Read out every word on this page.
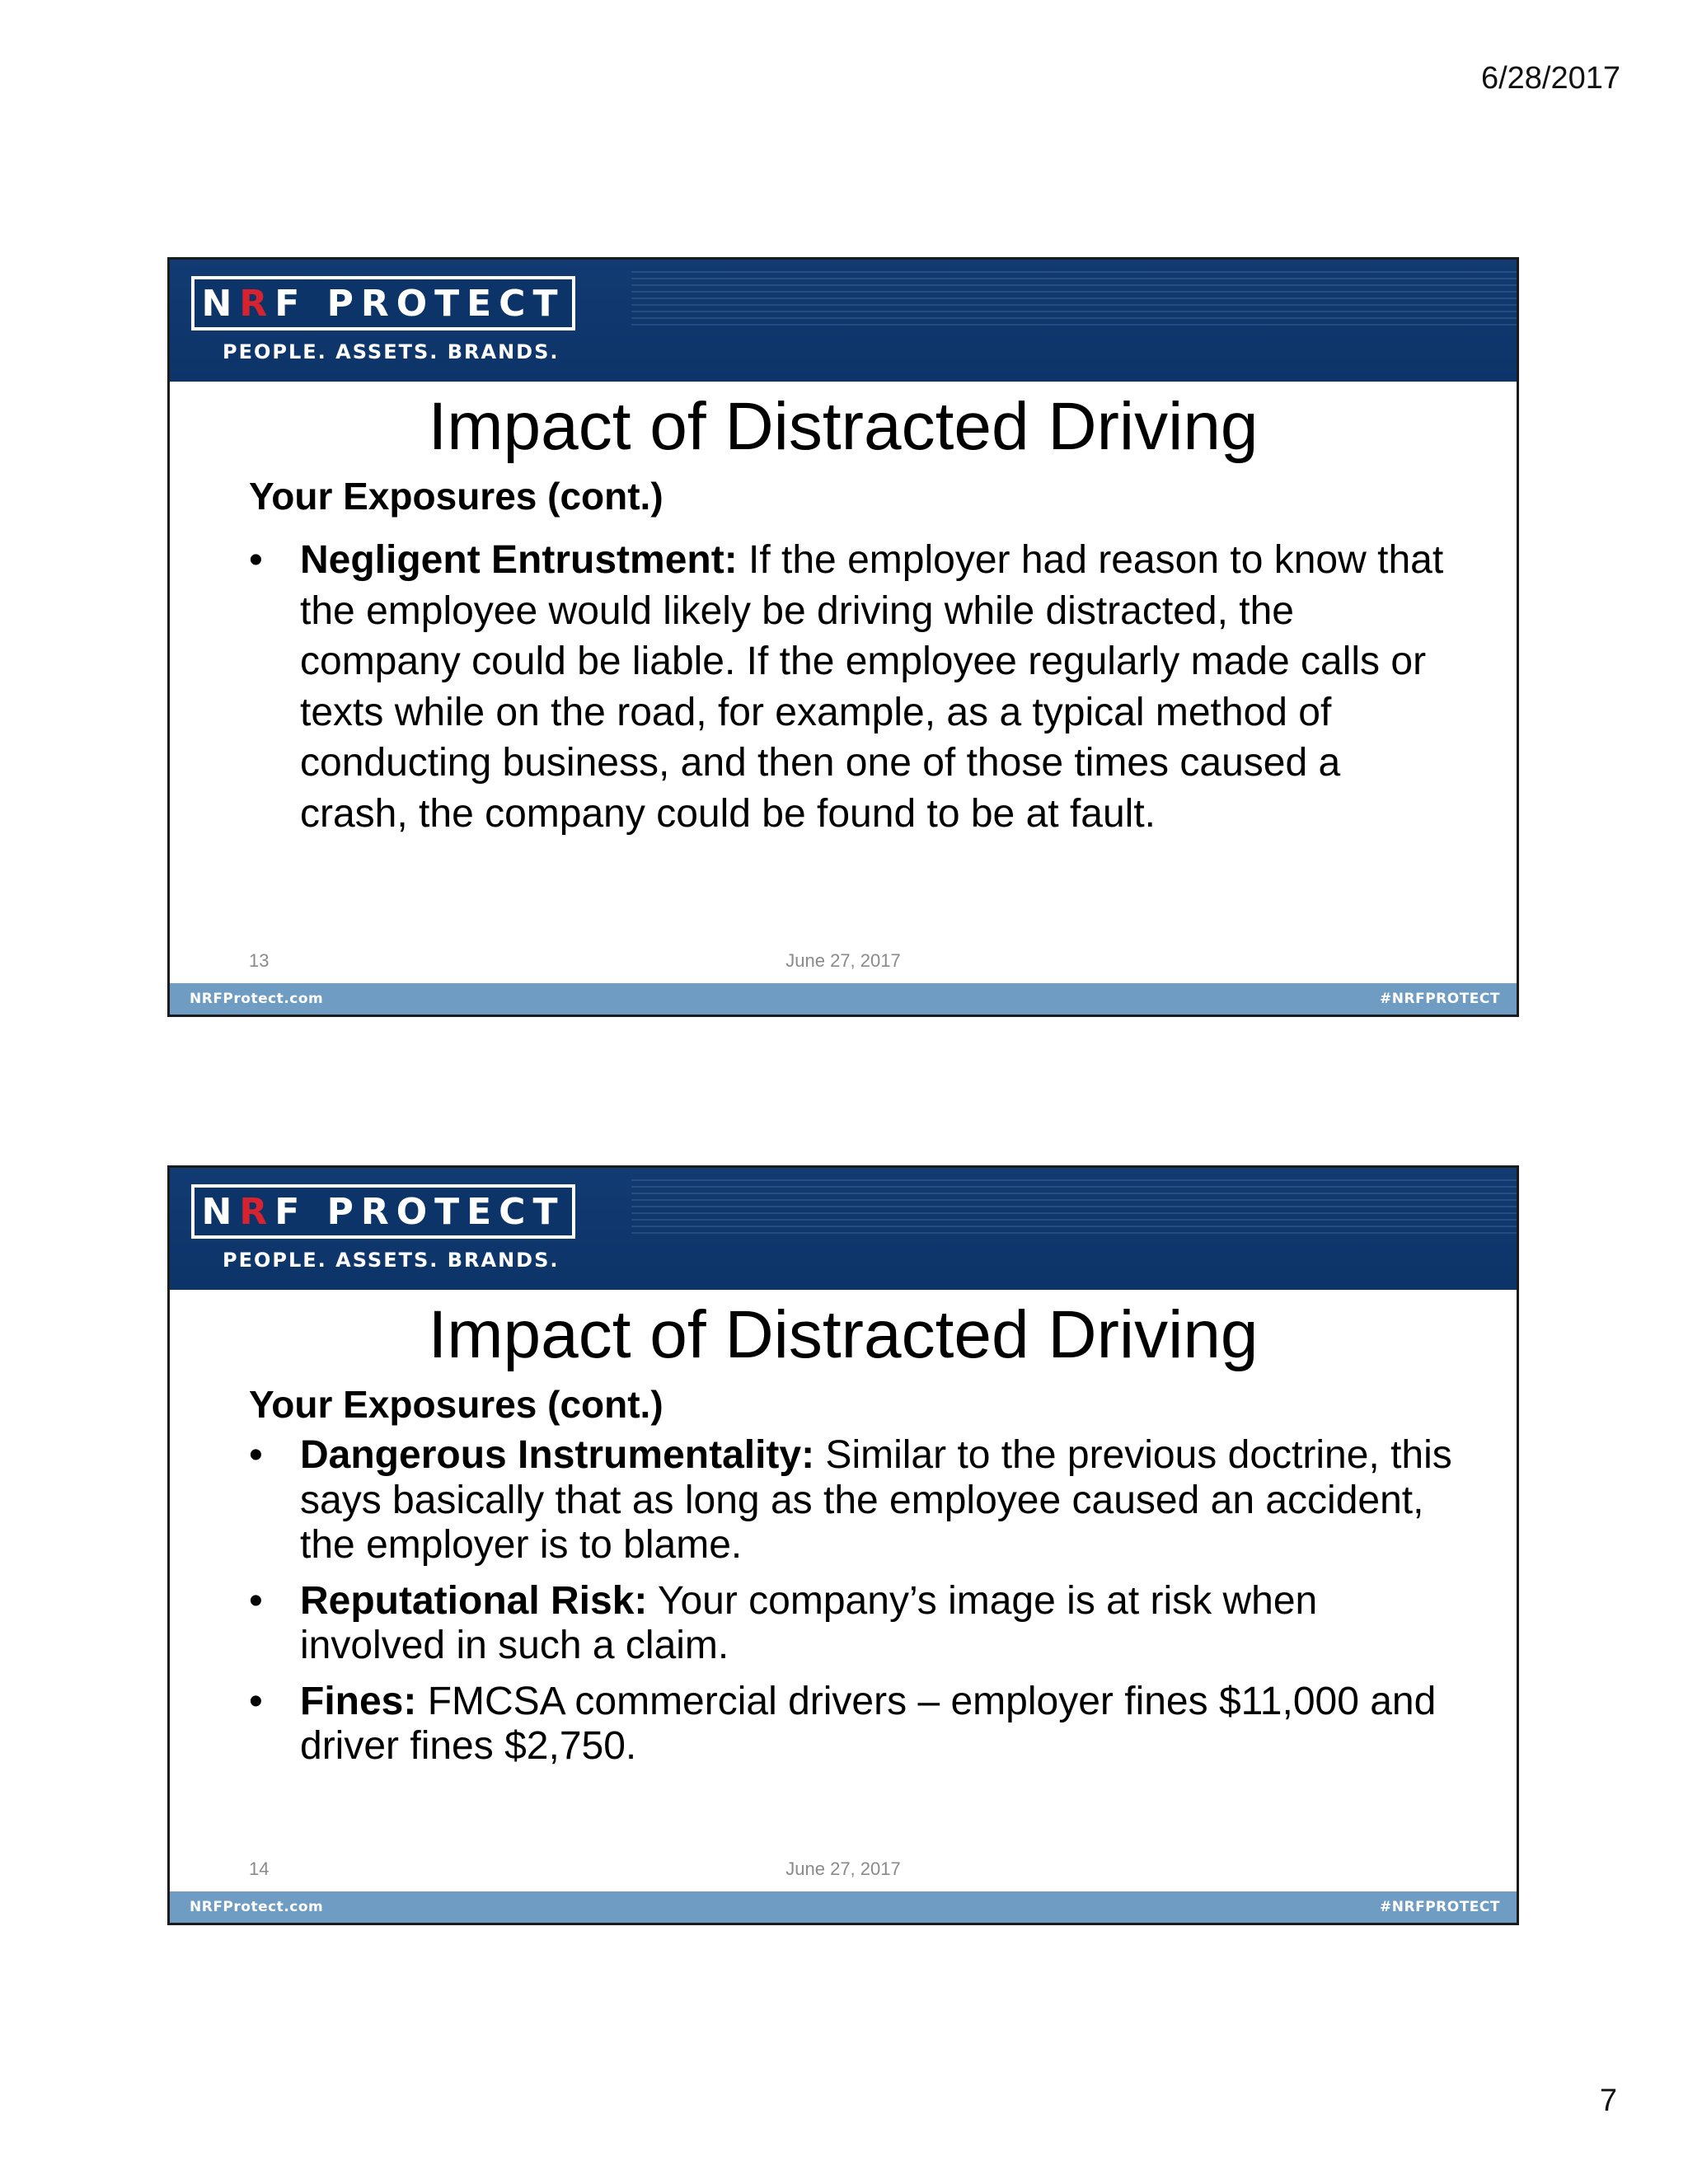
6/28/2017
NRF PROTECT
PEOPLE. ASSETS. BRANDS.
Impact of Distracted Driving
Your Exposures (cont.)
• Negligent Entrustment: If the employer had reason to know that the employee would likely be driving while distracted, the company could be liable. If the employee regularly made calls or texts while on the road, for example, as a typical method of conducting business, and then one of those times caused a crash, the company could be found to be at fault.
13	June 27, 2017
NRFProtect.com	#NRFPROTECT
NRF PROTECT
PEOPLE. ASSETS. BRANDS.
Impact of Distracted Driving
Your Exposures (cont.)
• Dangerous Instrumentality: Similar to the previous doctrine, this says basically that as long as the employee caused an accident, the employer is to blame.
• Reputational Risk: Your company’s image is at risk when involved in such a claim.
• Fines: FMCSA commercial drivers – employer fines $11,000 and driver fines $2,750.
14	June 27, 2017
NRFProtect.com	#NRFPROTECT
7
